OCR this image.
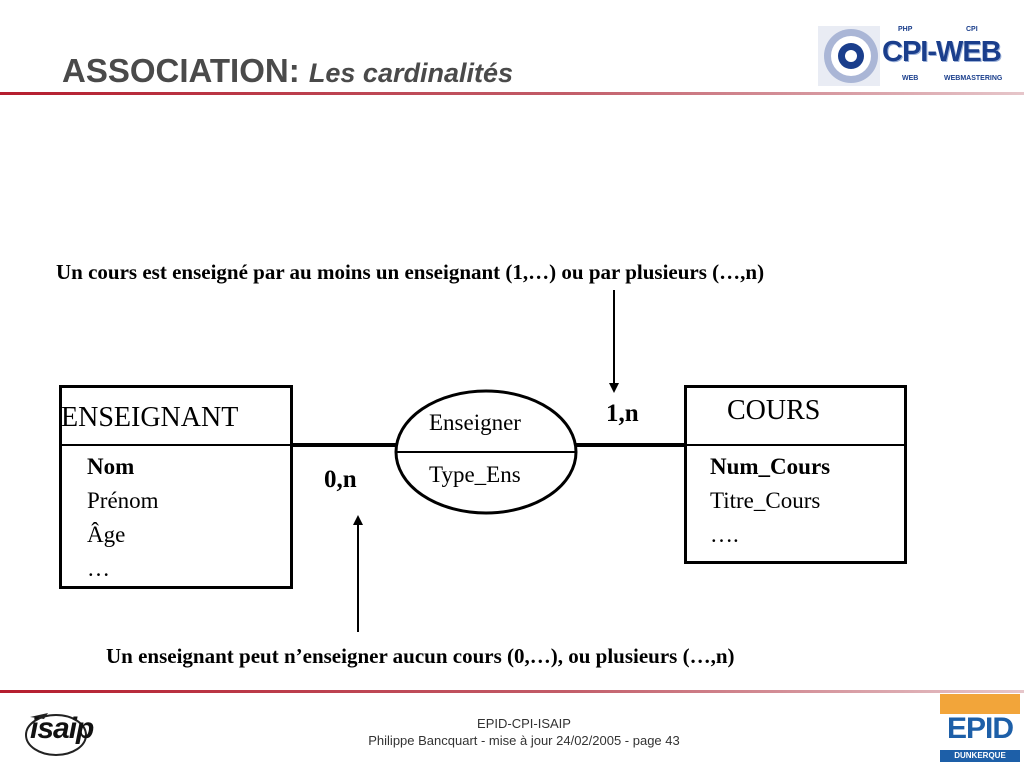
ASSOCIATION: Les cardinalités
PHP	CPI
CPI-WEB
WEB	WEBMASTERING
Un cours est enseigné par au moins un enseignant (1,…) ou par plusieurs (…,n)
Enseigner
Type_Ens
ENSEIGNANT
Nom
Prénom
Âge
…
COURS
Num_Cours
Titre_Cours
….
1,n
0,n
Un enseignant peut n’enseigner aucun cours (0,…), ou plusieurs (…,n)
isaip	EPID-CPI-ISAIP
Philippe Bancquart - mise à jour 24/02/2005 - page 43	EPID
DUNKERQUE
